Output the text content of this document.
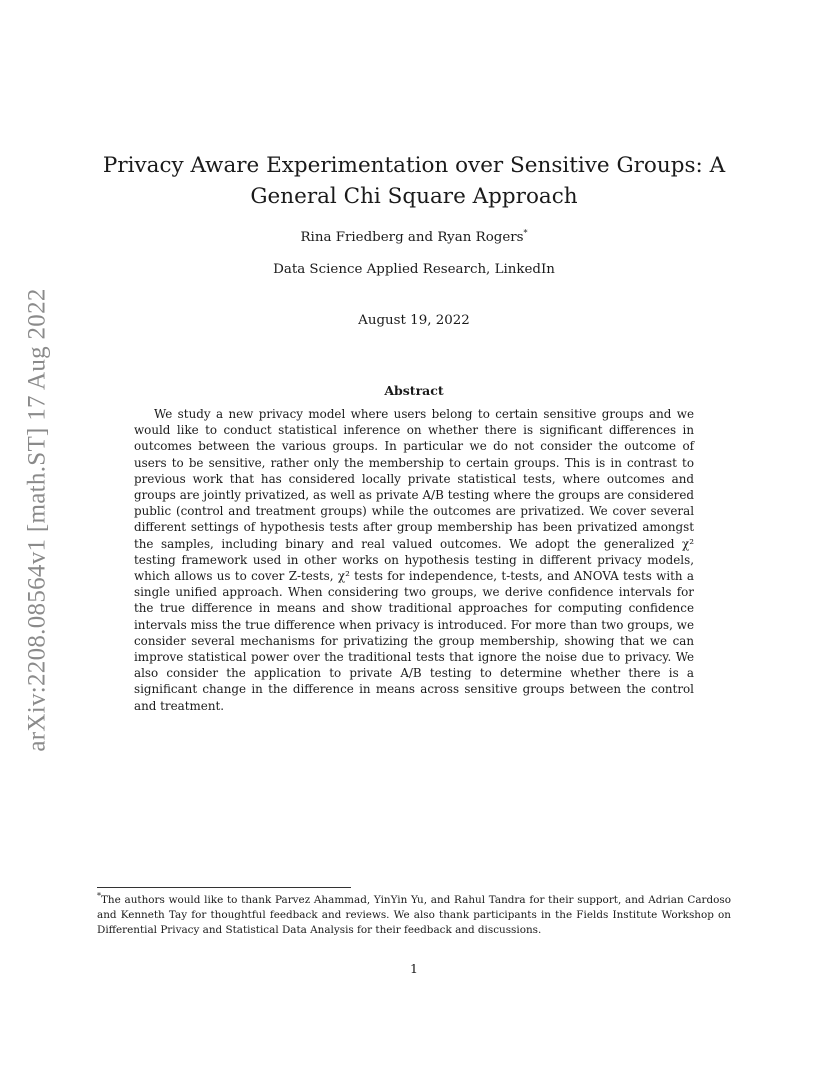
arXiv:2208.08564v1 [math.ST] 17 Aug 2022
Privacy Aware Experimentation over Sensitive Groups: A General Chi Square Approach
Rina Friedberg and Ryan Rogers*
Data Science Applied Research, LinkedIn
August 19, 2022
Abstract

We study a new privacy model where users belong to certain sensitive groups and we would like to conduct statistical inference on whether there is significant differences in outcomes between the various groups. In particular we do not consider the outcome of users to be sensitive, rather only the membership to certain groups. This is in contrast to previous work that has considered locally private statistical tests, where outcomes and groups are jointly privatized, as well as private A/B testing where the groups are considered public (control and treatment groups) while the outcomes are privatized. We cover several different settings of hypothesis tests after group membership has been privatized amongst the samples, including binary and real valued outcomes. We adopt the generalized χ² testing framework used in other works on hypothesis testing in different privacy models, which allows us to cover Z-tests, χ² tests for independence, t-tests, and ANOVA tests with a single unified approach. When considering two groups, we derive confidence intervals for the true difference in means and show traditional approaches for computing confidence intervals miss the true difference when privacy is introduced. For more than two groups, we consider several mechanisms for privatizing the group membership, showing that we can improve statistical power over the traditional tests that ignore the noise due to privacy. We also consider the application to private A/B testing to determine whether there is a significant change in the difference in means across sensitive groups between the control and treatment.

*The authors would like to thank Parvez Ahammad, YinYin Yu, and Rahul Tandra for their support, and Adrian Cardoso and Kenneth Tay for thoughtful feedback and reviews. We also thank participants in the Fields Institute Workshop on Differential Privacy and Statistical Data Analysis for their feedback and discussions.

1
